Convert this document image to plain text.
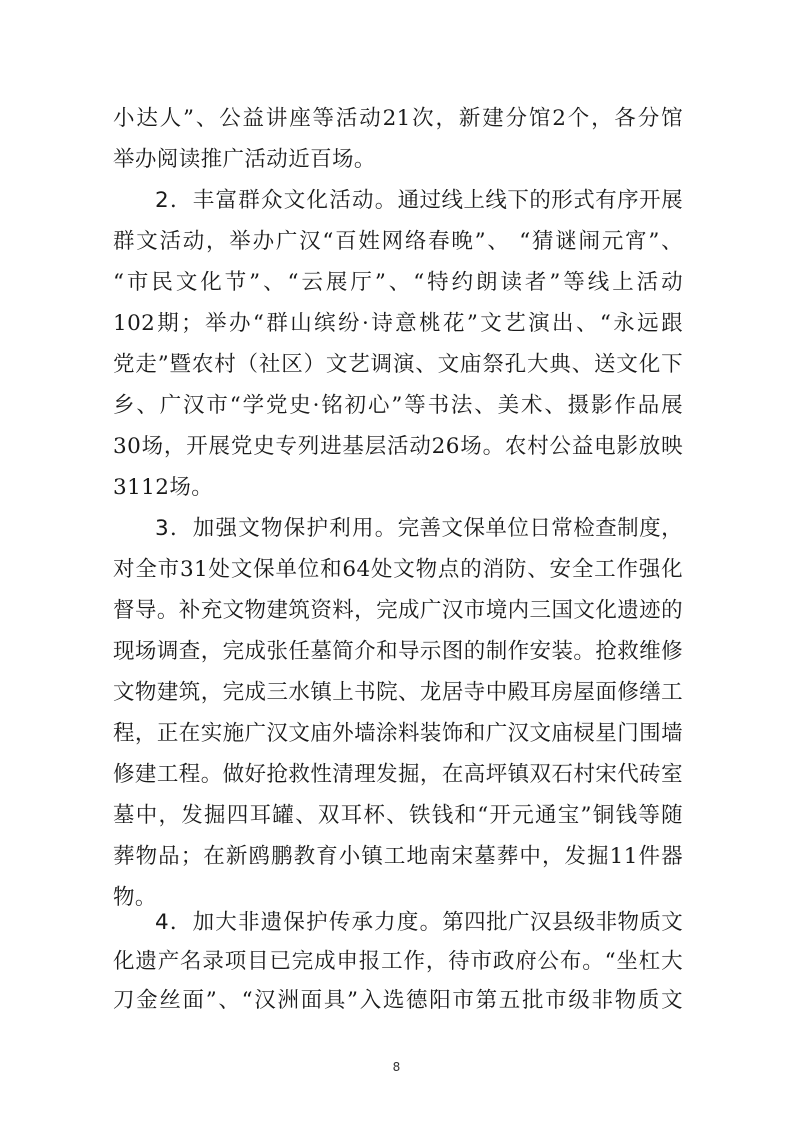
小达人”、公益讲座等活动21次，新建分馆2个，各分馆
举办阅读推广活动近百场。
2．丰富群众文化活动。通过线上线下的形式有序开展
群文活动，举办广汉“百姓网络春晚”、 “猜谜闹元宵”、
“市民文化节”、“云展厅”、“特约朗读者”等线上活动
102期；举办“群山缤纷·诗意桃花”文艺演出、“永远跟
党走”暨农村（社区）文艺调演、文庙祭孔大典、送文化下
乡、广汉市“学党史·铭初心”等书法、美术、摄影作品展
30场，开展党史专列进基层活动26场。农村公益电影放映
3112场。
3．加强文物保护利用。完善文保单位日常检查制度，
对全市31处文保单位和64处文物点的消防、安全工作强化
督导。补充文物建筑资料，完成广汉市境内三国文化遗迹的
现场调查，完成张任墓简介和导示图的制作安装。抢救维修
文物建筑，完成三水镇上书院、龙居寺中殿耳房屋面修缮工
程，正在实施广汉文庙外墙涂料装饰和广汉文庙棂星门围墙
修建工程。做好抢救性清理发掘，在高坪镇双石村宋代砖室
墓中，发掘四耳罐、双耳杯、铁钱和“开元通宝”铜钱等随
葬物品；在新鸥鹏教育小镇工地南宋墓葬中，发掘11件器
物。
4．加大非遗保护传承力度。第四批广汉县级非物质文
化遗产名录项目已完成申报工作，待市政府公布。“坐杠大
刀金丝面”、“汉洲面具”入选德阳市第五批市级非物质文
8
